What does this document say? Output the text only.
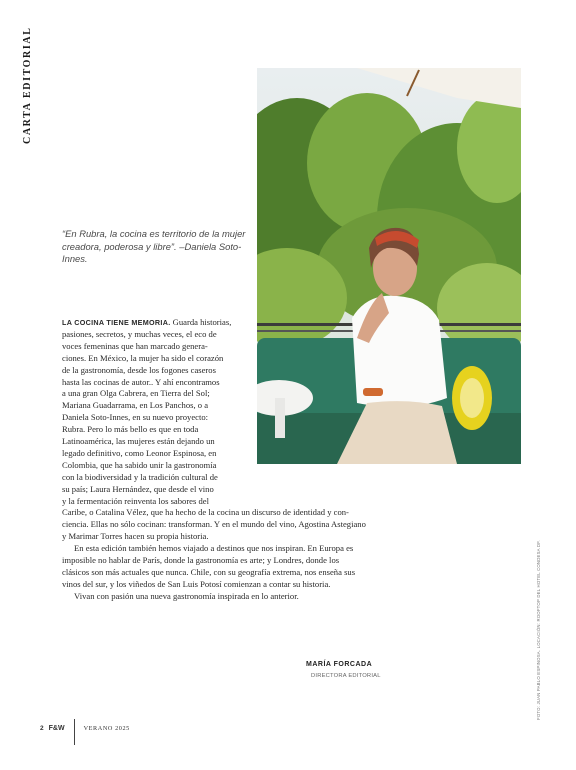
CARTA EDITORIAL
“En Rubra, la cocina es territorio de la mujer creadora, poderosa y libre”. –Daniela Soto-Innes.
LA COCINA TIENE MEMORIA. Guarda historias,
pasiones, secretos, y muchas veces, el eco de
voces femeninas que han marcado genera-
ciones. En México, la mujer ha sido el corazón
de la gastronomía, desde los fogones caseros
hasta las cocinas de autor.. Y ahí encontramos
a una gran Olga Cabrera, en Tierra del Sol;
Mariana Guadarrama, en Los Panchos, o a
Daniela Soto-Innes, en su nuevo proyecto:
Rubra. Pero lo más bello es que en toda
Latinoamérica, las mujeres están dejando un
legado definitivo, como Leonor Espinosa, en
Colombia, que ha sabido unir la gastronomía
con la biodiversidad y la tradición cultural de
su país; Laura Hernández, que desde el vino
y la fermentación reinventa los sabores del

Caribe, o Catalina Vélez, que ha hecho de la cocina un discurso de identidad y con-

ciencia. Ellas no sólo cocinan: transforman. Y en el mundo del vino, Agostina Astegiano

y Marimar Torres hacen su propia historia.

En esta edición también hemos viajado a destinos que nos inspiran. En Europa es

imposible no hablar de París, donde la gastronomía es arte; y Londres, donde los

clásicos son más actuales que nunca. Chile, con su geografía extrema, nos enseña sus

vinos del sur, y los viñedos de San Luis Potosí comienzan a contar su historia.

Vivan con pasión una nueva gastronomía inspirada en lo anterior.

MARÍA FORCADA
DIRECTORA EDITORIAL	FOTO: JUAN PABLO ESPINOSA. LOCACIÓN: ROOFTOP DEL HOTEL CONDESA DF.
2 F&W	VERANO 2025
